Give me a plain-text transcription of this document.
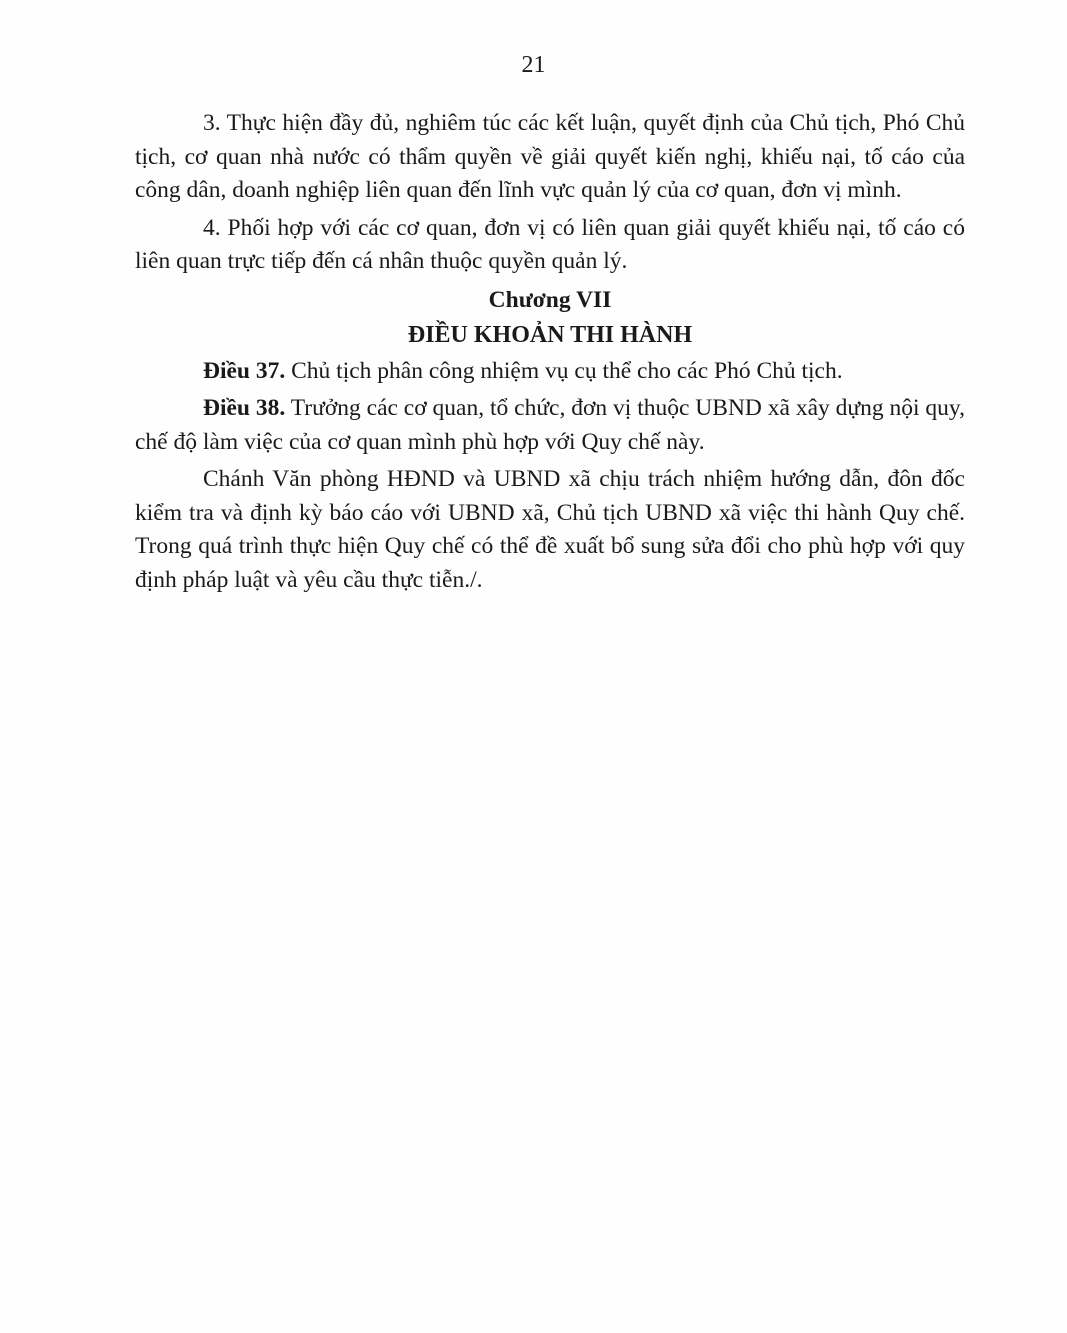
21

3. Thực hiện đầy đủ, nghiêm túc các kết luận, quyết định của Chủ tịch, Phó Chủ tịch, cơ quan nhà nước có thẩm quyền về giải quyết kiến nghị, khiếu nại, tố cáo của công dân, doanh nghiệp liên quan đến lĩnh vực quản lý của cơ quan, đơn vị mình.

4. Phối hợp với các cơ quan, đơn vị có liên quan giải quyết khiếu nại, tố cáo có liên quan trực tiếp đến cá nhân thuộc quyền quản lý.

Chương VII
ĐIỀU KHOẢN THI HÀNH

Điều 37. Chủ tịch phân công nhiệm vụ cụ thể cho các Phó Chủ tịch.

Điều 38. Trưởng các cơ quan, tổ chức, đơn vị thuộc UBND xã xây dựng nội quy, chế độ làm việc của cơ quan mình phù hợp với Quy chế này.

Chánh Văn phòng HĐND và UBND xã chịu trách nhiệm hướng dẫn, đôn đốc kiểm tra và định kỳ báo cáo với UBND xã, Chủ tịch UBND xã việc thi hành Quy chế. Trong quá trình thực hiện Quy chế có thể đề xuất bổ sung sửa đổi cho phù hợp với quy định pháp luật và yêu cầu thực tiễn./.
